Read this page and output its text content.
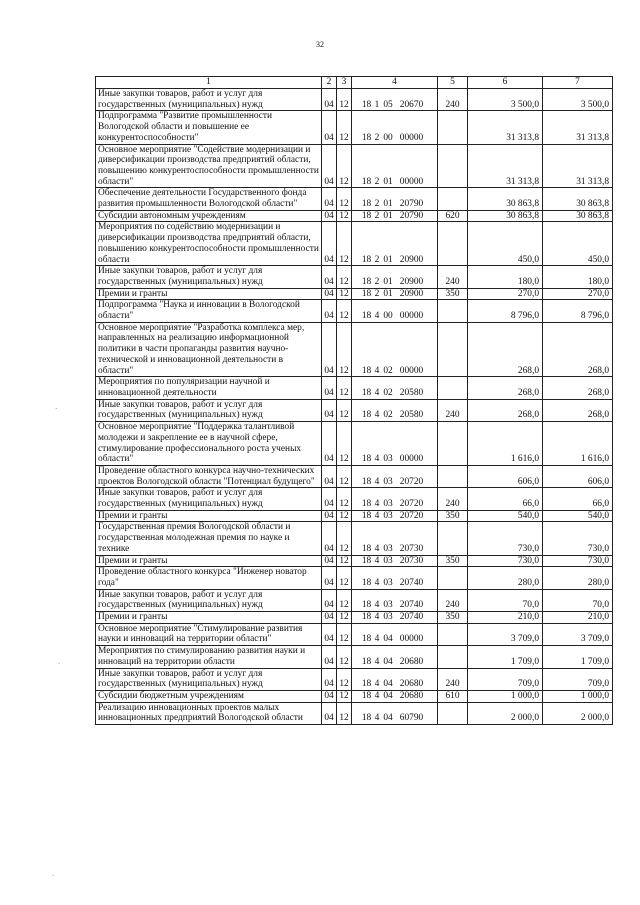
32
1	2	3	4	5	6	7
Иные закупки товаров, работ и услуг для государственных (муниципальных) нужд	04	12	18 1 05 20670	240	3 500,0	3 500,0
Подпрограмма "Развитие промышленности Вологодской области и повышение ее конкурентоспособности"	04	12	18 2 00 00000		31 313,8	31 313,8
Основное мероприятие "Содействие модернизации и диверсификации производства предприятий области, повышению конкурентоспособности промышленности области"	04	12	18 2 01 00000		31 313,8	31 313,8
Обеспечение деятельности Государственного фонда развития промышленности Вологодской области"	04	12	18 2 01 20790		30 863,8	30 863,8
Субсидии автономным учреждениям	04	12	18 2 01 20790	620	30 863,8	30 863,8
Мероприятия по содействию модернизации и диверсификации производства предприятий области, повышению конкурентоспособности промышленности области	04	12	18 2 01 20900		450,0	450,0
Иные закупки товаров, работ и услуг для государственных (муниципальных) нужд	04	12	18 2 01 20900	240	180,0	180,0
Премии и гранты	04	12	18 2 01 20900	350	270,0	270,0
Подпрограмма "Наука и инновации в Вологодской области"	04	12	18 4 00 00000		8 796,0	8 796,0
Основное мероприятие "Разработка комплекса мер, направленных на реализацию информационной политики в части пропаганды развития научно-технической и инновационной деятельности в области"	04	12	18 4 02 00000		268,0	268,0
Мероприятия по популяризации научной и инновационной деятельности	04	12	18 4 02 20580		268,0	268,0
Иные закупки товаров, работ и услуг для государственных (муниципальных) нужд	04	12	18 4 02 20580	240	268,0	268,0
Основное мероприятие "Поддержка талантливой молодежи и закрепление ее в научной сфере, стимулирование профессионального роста ученых области"	04	12	18 4 03 00000		1 616,0	1 616,0
Проведение областного конкурса научно-технических проектов Вологодской области "Потенциал будущего"	04	12	18 4 03 20720		606,0	606,0
Иные закупки товаров, работ и услуг для государственных (муниципальных) нужд	04	12	18 4 03 20720	240	66,0	66,0
Премии и гранты	04	12	18 4 03 20720	350	540,0	540,0
Государственная премия Вологодской области и государственная молодежная премия по науке и технике	04	12	18 4 03 20730		730,0	730,0
Премии и гранты	04	12	18 4 03 20730	350	730,0	730,0
Проведение областного конкурса "Инженер новатор года"	04	12	18 4 03 20740		280,0	280,0
Иные закупки товаров, работ и услуг для государственных (муниципальных) нужд	04	12	18 4 03 20740	240	70,0	70,0
Премии и гранты	04	12	18 4 03 20740	350	210,0	210,0
Основное мероприятие "Стимулирование развития науки и инноваций на территории области"	04	12	18 4 04 00000		3 709,0	3 709,0
Мероприятия по стимулированию развития науки и инноваций на территории области	04	12	18 4 04 20680		1 709,0	1 709,0
Иные закупки товаров, работ и услуг для государственных (муниципальных) нужд	04	12	18 4 04 20680	240	709,0	709,0
Субсидии бюджетным учреждениям	04	12	18 4 04 20680	610	1 000,0	1 000,0
Реализацию инновационных проектов малых инновационных предприятий Вологодской области	04	12	18 4 04 60790		2 000,0	2 000,0
·
·
·
